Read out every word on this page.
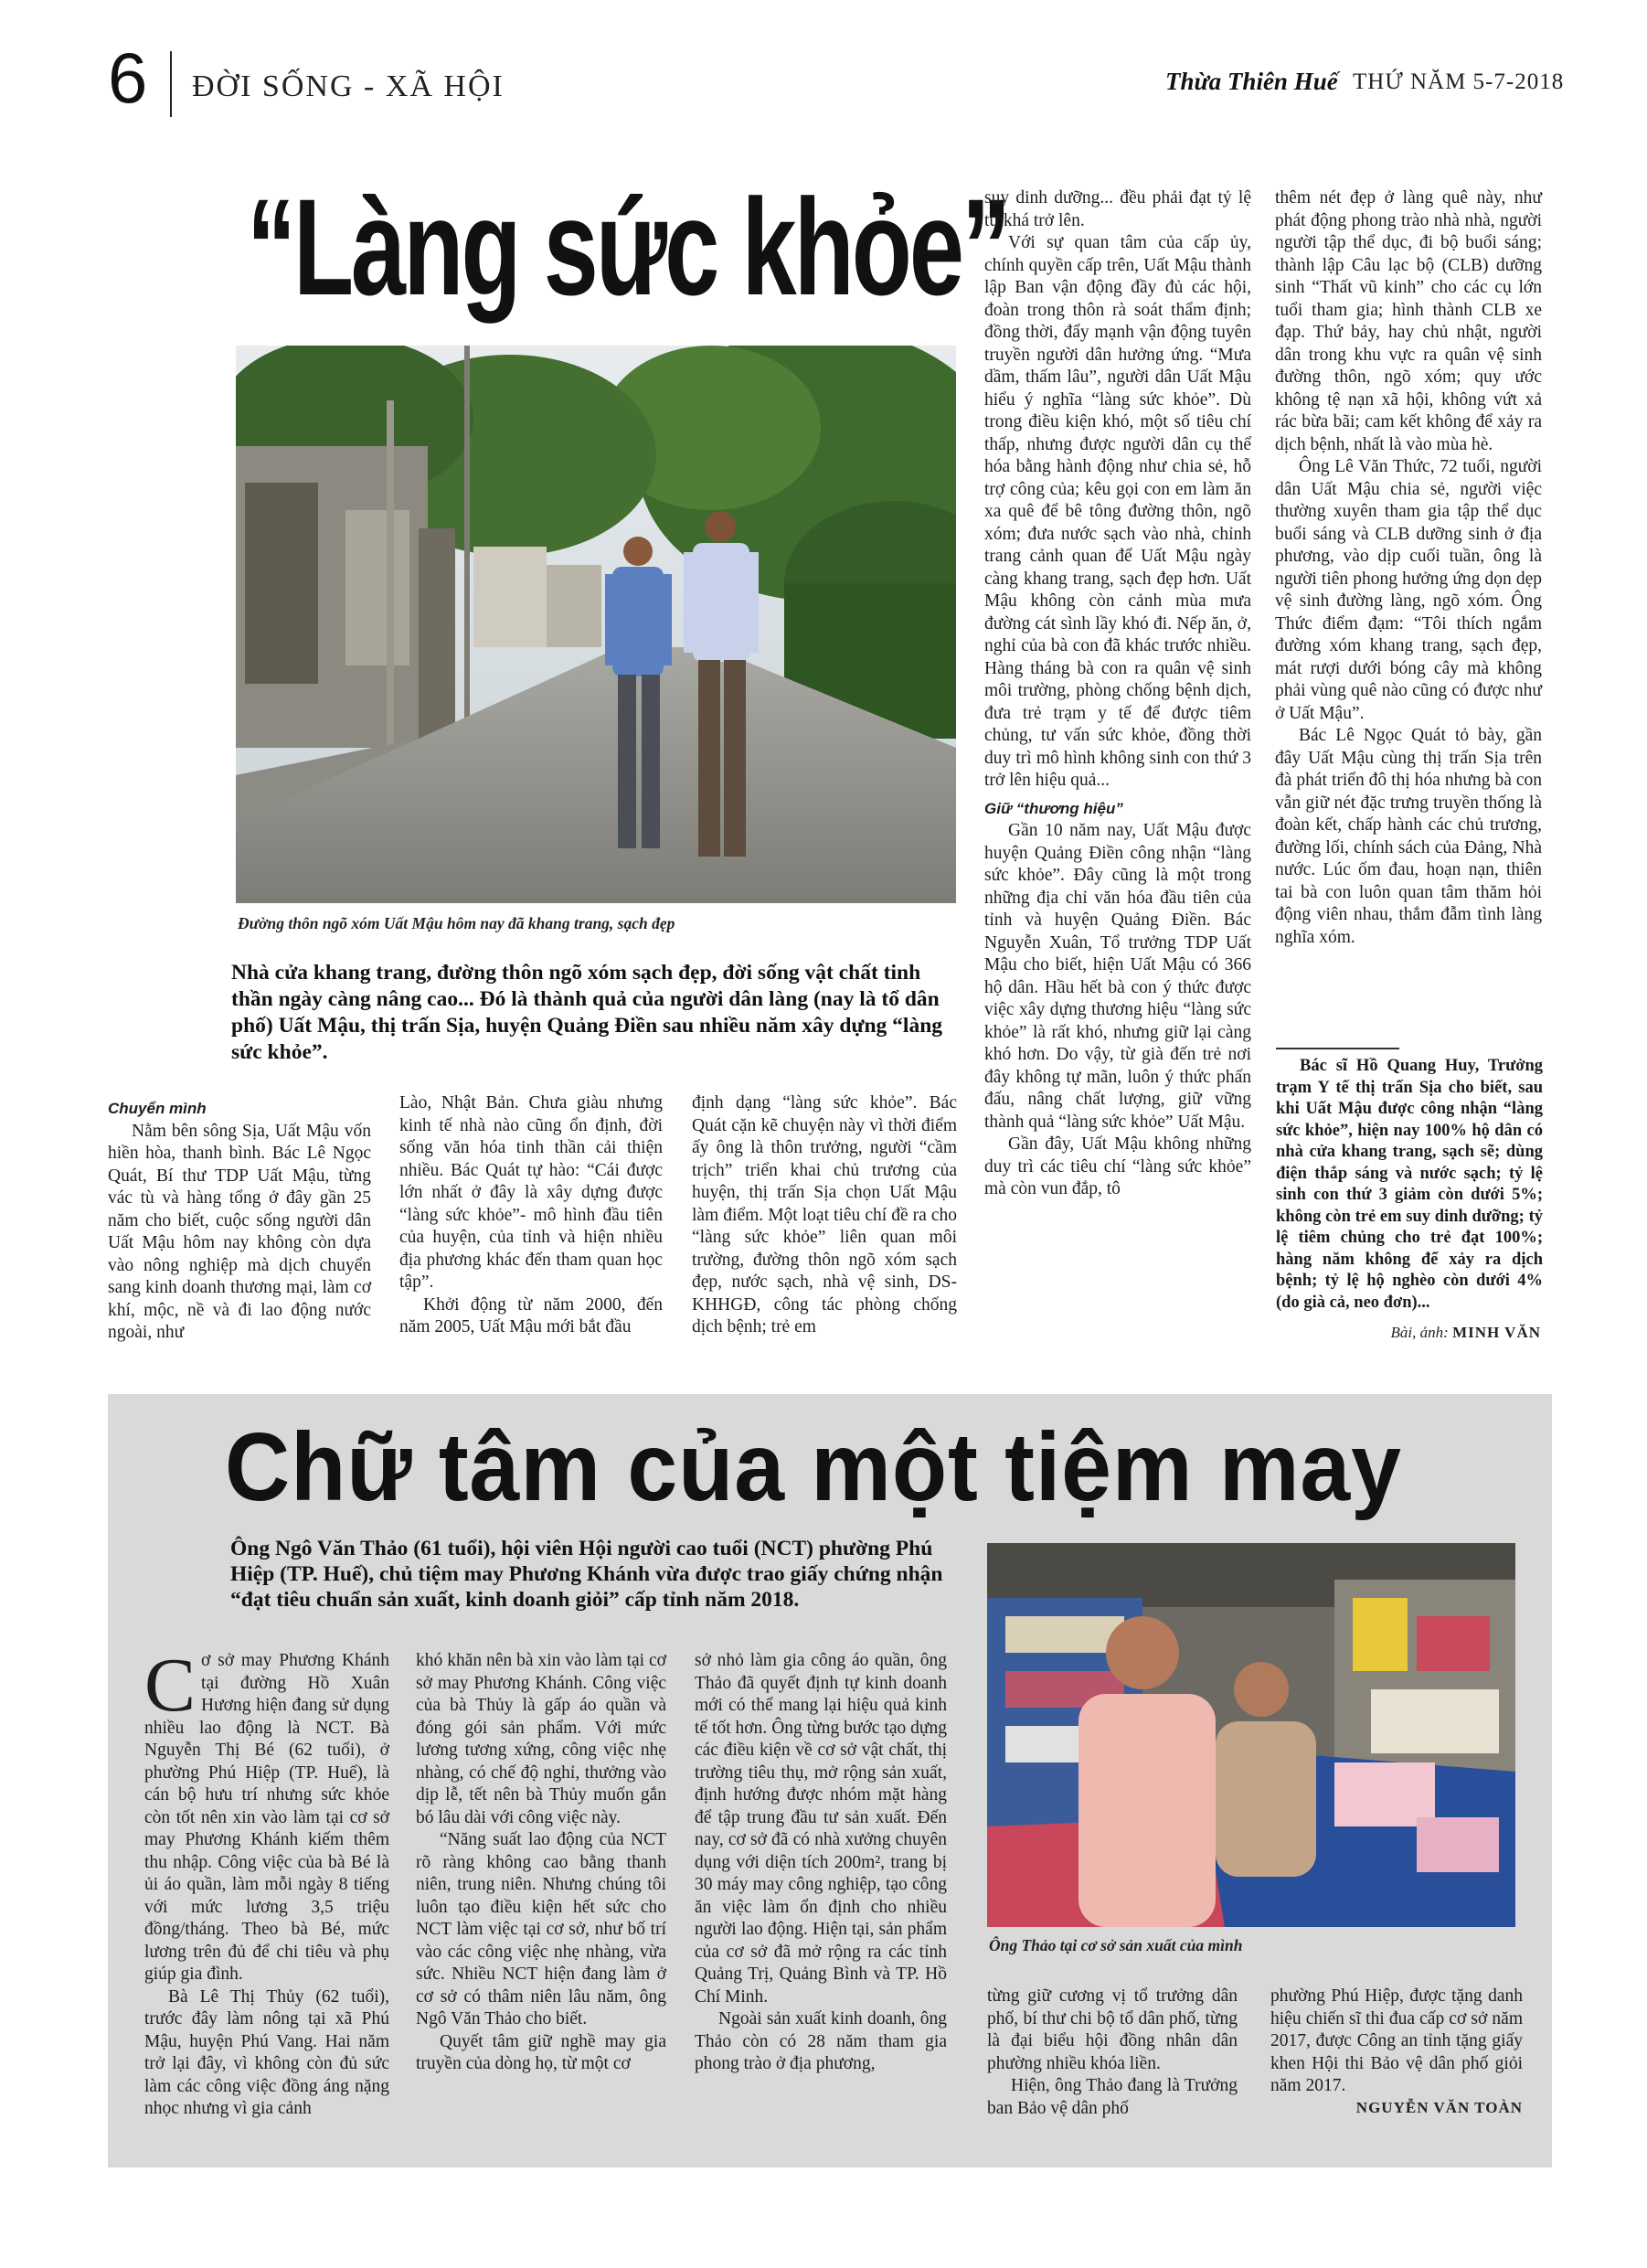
6 ĐỜI SỐNG - XÃ HỘI	Thừa Thiên Huế THỨ NĂM 5-7-2018
“Làng sức khỏe”
Đường thôn ngõ xóm Uất Mậu hôm nay đã khang trang, sạch đẹp
Nhà cửa khang trang, đường thôn ngõ xóm sạch đẹp, đời sống vật chất tinh thần ngày càng nâng cao... Đó là thành quả của người dân làng (nay là tổ dân phố) Uất Mậu, thị trấn Sịa, huyện Quảng Điền sau nhiều năm xây dựng “làng sức khỏe”.

Chuyển mình

Nằm bên sông Sịa, Uất Mậu vốn hiền hòa, thanh bình. Bác Lê Ngọc Quát, Bí thư TDP Uất Mậu, từng vác tù và hàng tổng ở đây gần 25 năm cho biết, cuộc sống người dân Uất Mậu hôm nay không còn dựa vào nông nghiệp mà dịch chuyển sang kinh doanh thương mại, làm cơ khí, mộc, nề và đi lao động nước ngoài, như

Lào, Nhật Bản. Chưa giàu nhưng kinh tế nhà nào cũng ổn định, đời sống văn hóa tinh thần cải thiện nhiều. Bác Quát tự hào: “Cái được lớn nhất ở đây là xây dựng được “làng sức khỏe”- mô hình đầu tiên của huyện, của tỉnh và hiện nhiều địa phương khác đến tham quan học tập”.

Khởi động từ năm 2000, đến năm 2005, Uất Mậu mới bắt đầu

định dạng “làng sức khỏe”. Bác Quát cặn kẽ chuyện này vì thời điểm ấy ông là thôn trưởng, người “cầm trịch” triển khai chủ trương của huyện, thị trấn Sịa chọn Uất Mậu làm điểm. Một loạt tiêu chí đề ra cho “làng sức khỏe” liên quan môi trường, đường thôn ngõ xóm sạch đẹp, nước sạch, nhà vệ sinh, DS-KHHGĐ, công tác phòng chống dịch bệnh; trẻ em

suy dinh dưỡng... đều phải đạt tỷ lệ từ khá trở lên.

Với sự quan tâm của cấp ủy, chính quyền cấp trên, Uất Mậu thành lập Ban vận động đầy đủ các hội, đoàn trong thôn rà soát thẩm định; đồng thời, đẩy mạnh vận động tuyên truyền người dân hưởng ứng. “Mưa dầm, thấm lâu”, người dân Uất Mậu hiểu ý nghĩa “làng sức khỏe”. Dù trong điều kiện khó, một số tiêu chí thấp, nhưng được người dân cụ thể hóa bằng hành động như chia sẻ, hỗ trợ công của; kêu gọi con em làm ăn xa quê để bê tông đường thôn, ngõ xóm; đưa nước sạch vào nhà, chỉnh trang cảnh quan để Uất Mậu ngày càng khang trang, sạch đẹp hơn. Uất Mậu không còn cảnh mùa mưa đường cát sình lầy khó đi. Nếp ăn, ở, nghỉ của bà con đã khác trước nhiều. Hàng tháng bà con ra quân vệ sinh môi trường, phòng chống bệnh dịch, đưa trẻ trạm y tế để được tiêm chủng, tư vấn sức khỏe, đồng thời duy trì mô hình không sinh con thứ 3 trở lên hiệu quả...

Giữ “thương hiệu”

Gần 10 năm nay, Uất Mậu được huyện Quảng Điền công nhận “làng sức khỏe”. Đây cũng là một trong những địa chỉ văn hóa đầu tiên của tỉnh và huyện Quảng Điền. Bác Nguyễn Xuân, Tổ trưởng TDP Uất Mậu cho biết, hiện Uất Mậu có 366 hộ dân. Hầu hết bà con ý thức được việc xây dựng thương hiệu “làng sức khỏe” là rất khó, nhưng giữ lại càng khó hơn. Do vậy, từ già đến trẻ nơi đây không tự mãn, luôn ý thức phấn đấu, nâng chất lượng, giữ vững thành quả “làng sức khỏe” Uất Mậu.

Gần đây, Uất Mậu không những duy trì các tiêu chí “làng sức khỏe” mà còn vun đắp, tô

thêm nét đẹp ở làng quê này, như phát động phong trào nhà nhà, người người tập thể dục, đi bộ buổi sáng; thành lập Câu lạc bộ (CLB) dưỡng sinh “Thất vũ kinh” cho các cụ lớn tuổi tham gia; hình thành CLB xe đạp. Thứ bảy, hay chủ nhật, người dân trong khu vực ra quân vệ sinh đường thôn, ngõ xóm; quy ước không tệ nạn xã hội, không vứt xả rác bừa bãi; cam kết không để xảy ra dịch bệnh, nhất là vào mùa hè.

Ông Lê Văn Thức, 72 tuổi, người dân Uất Mậu chia sẻ, người việc thường xuyên tham gia tập thể dục buổi sáng và CLB dưỡng sinh ở địa phương, vào dịp cuối tuần, ông là người tiên phong hưởng ứng dọn dẹp vệ sinh đường làng, ngõ xóm. Ông Thức điểm đạm: “Tôi thích ngắm đường xóm khang trang, sạch đẹp, mát rượi dưới bóng cây mà không phải vùng quê nào cũng có được như ở Uất Mậu”.

Bác Lê Ngọc Quát tỏ bày, gần đây Uất Mậu cùng thị trấn Sịa trên đà phát triển đô thị hóa nhưng bà con vẫn giữ nét đặc trưng truyền thống là đoàn kết, chấp hành các chủ trương, đường lối, chính sách của Đảng, Nhà nước. Lúc ốm đau, hoạn nạn, thiên tai bà con luôn quan tâm thăm hỏi động viên nhau, thắm đẫm tình làng nghĩa xóm.

Bác sĩ Hồ Quang Huy, Trưởng trạm Y tế thị trấn Sịa cho biết, sau khi Uất Mậu được công nhận “làng sức khỏe”, hiện nay 100% hộ dân có nhà cửa khang trang, sạch sẽ; dùng điện thắp sáng và nước sạch; tỷ lệ sinh con thứ 3 giảm còn dưới 5%; không còn trẻ em suy dinh dưỡng; tỷ lệ tiêm chủng cho trẻ đạt 100%; hàng năm không để xảy ra dịch bệnh; tỷ lệ hộ nghèo còn dưới 4% (do già cả, neo đơn)...

Bài, ảnh: MINH VĂN
Chữ tâm của một tiệm may
Ông Ngô Văn Thảo (61 tuổi), hội viên Hội người cao tuổi (NCT) phường Phú Hiệp (TP. Huế), chủ tiệm may Phương Khánh vừa được trao giấy chứng nhận “đạt tiêu chuẩn sản xuất, kinh doanh giỏi” cấp tỉnh năm 2018.
Ông Thảo tại cơ sở sản xuất của mình

Cơ sở may Phương Khánh tại đường Hồ Xuân Hương hiện đang sử dụng nhiều lao động là NCT. Bà Nguyễn Thị Bé (62 tuổi), ở phường Phú Hiệp (TP. Huế), là cán bộ hưu trí nhưng sức khỏe còn tốt nên xin vào làm tại cơ sở may Phương Khánh kiếm thêm thu nhập. Công việc của bà Bé là ủi áo quần, làm mỗi ngày 8 tiếng với mức lương 3,5 triệu đồng/tháng. Theo bà Bé, mức lương trên đủ để chi tiêu và phụ giúp gia đình.

Bà Lê Thị Thủy (62 tuổi), trước đây làm nông tại xã Phú Mậu, huyện Phú Vang. Hai năm trở lại đây, vì không còn đủ sức làm các công việc đồng áng nặng nhọc nhưng vì gia cảnh

khó khăn nên bà xin vào làm tại cơ sở may Phương Khánh. Công việc của bà Thủy là gấp áo quần và đóng gói sản phẩm. Với mức lương tương xứng, công việc nhẹ nhàng, có chế độ nghỉ, thưởng vào dịp lễ, tết nên bà Thủy muốn gắn bó lâu dài với công việc này.

“Năng suất lao động của NCT rõ ràng không cao bằng thanh niên, trung niên. Nhưng chúng tôi luôn tạo điều kiện hết sức cho NCT làm việc tại cơ sở, như bố trí vào các công việc nhẹ nhàng, vừa sức. Nhiều NCT hiện đang làm ở cơ sở có thâm niên lâu năm, ông Ngô Văn Thảo cho biết.

Quyết tâm giữ nghề may gia truyền của dòng họ, từ một cơ

sở nhỏ làm gia công áo quần, ông Thảo đã quyết định tự kinh doanh mới có thể mang lại hiệu quả kinh tế tốt hơn. Ông từng bước tạo dựng các điều kiện về cơ sở vật chất, thị trường tiêu thụ, mở rộng sản xuất, định hướng được nhóm mặt hàng để tập trung đầu tư sản xuất. Đến nay, cơ sở đã có nhà xưởng chuyên dụng với diện tích 200m², trang bị 30 máy may công nghiệp, tạo công ăn việc làm ổn định cho nhiều người lao động. Hiện tại, sản phẩm của cơ sở đã mở rộng ra các tỉnh Quảng Trị, Quảng Bình và TP. Hồ Chí Minh.

Ngoài sản xuất kinh doanh, ông Thảo còn có 28 năm tham gia phong trào ở địa phương,

từng giữ cương vị tổ trưởng dân phố, bí thư chi bộ tổ dân phố, từng là đại biểu hội đồng nhân dân phường nhiều khóa liền.

Hiện, ông Thảo đang là Trưởng ban Bảo vệ dân phố

phường Phú Hiệp, được tặng danh hiệu chiến sĩ thi đua cấp cơ sở năm 2017, được Công an tỉnh tặng giấy khen Hội thi Bảo vệ dân phố giỏi năm 2017.

NGUYỄN VĂN TOÀN
